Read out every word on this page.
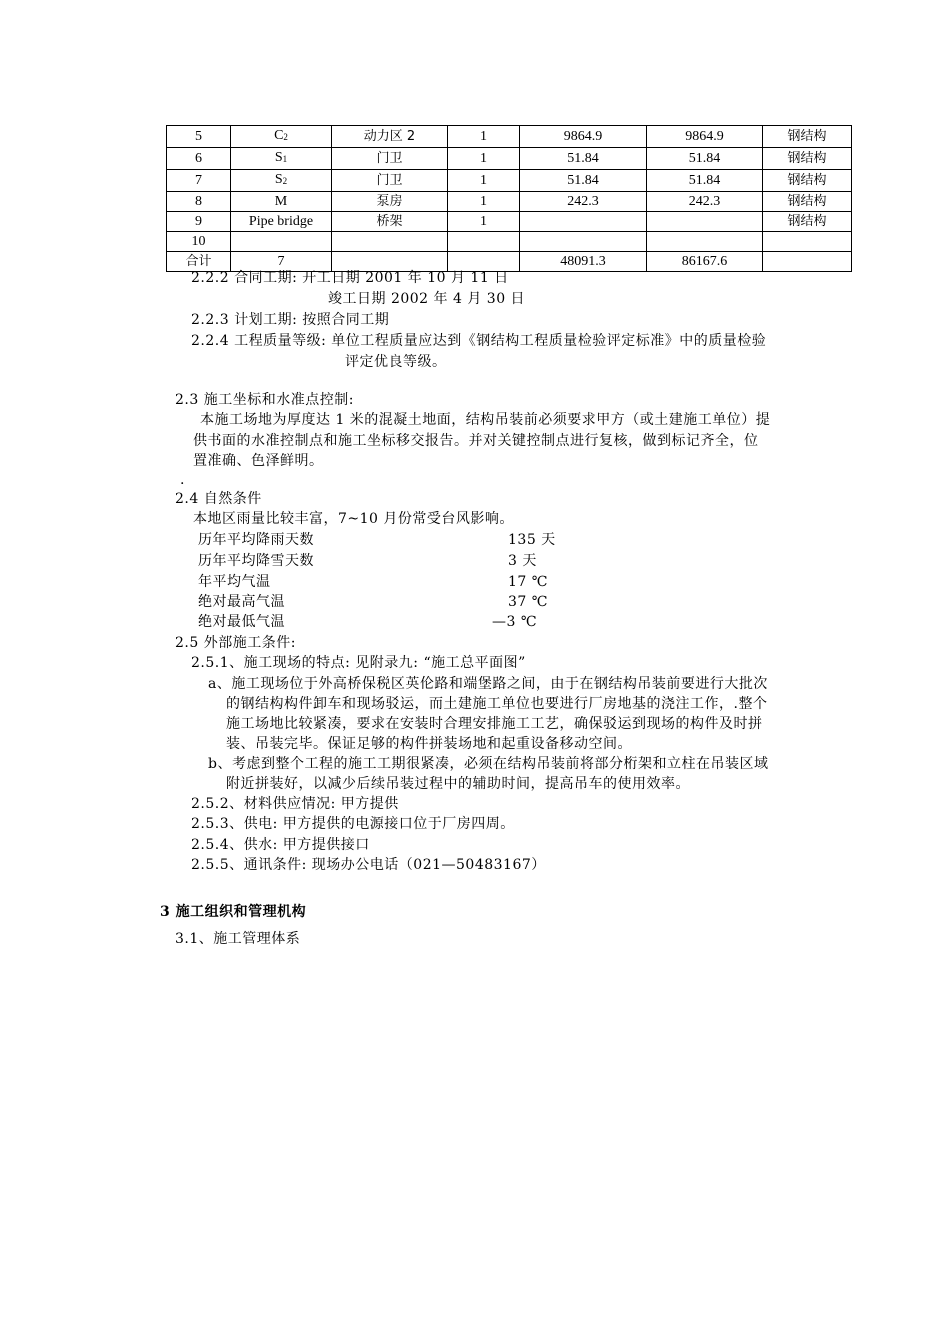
5	$C_2$	动力区 2	1	9864.9	9864.9	钢结构
6	$S_1$	门卫	1	51.84	51.84	钢结构
7	$S_2$	门卫	1	51.84	51.84	钢结构
8	M	泵房	1	242.3	242.3	钢结构
9	Pipe bridge	桥架	1			钢结构
10						
合计	7			48091.3	86167.6	
2.2.2 合同工期: 开工日期 2001 年 10 月 11 日
竣工日期 2002 年 4 月 30 日
2.2.3 计划工期: 按照合同工期
2.2.4 工程质量等级: 单位工程质量应达到《钢结构工程质量检验评定标准》中的质量检验
评定优良等级。
2.3 施工坐标和水准点控制:
本施工场地为厚度达 1 米的混凝土地面，结构吊装前必须要求甲方（或土建施工单位）提
供书面的水准控制点和施工坐标移交报告。并对关键控制点进行复核，做到标记齐全，位
置准确、色泽鲜明。
.
2.4 自然条件
本地区雨量比较丰富，7~10 月份常受台风影响。
历年平均降雨天数	135 天
历年平均降雪天数	3 天
年平均气温	17 ℃
绝对最高气温	37 ℃
绝对最低气温	—3 ℃
2.5 外部施工条件:
2.5.1、施工现场的特点: 见附录九: “施工总平面图”
a、施工现场位于外高桥保税区英伦路和端堡路之间，由于在钢结构吊装前要进行大批次
的钢结构构件卸车和现场驳运，而土建施工单位也要进行厂房地基的浇注工作，.整个
施工场地比较紧凑，要求在安装时合理安排施工工艺，确保驳运到现场的构件及时拼
装、吊装完毕。保证足够的构件拼装场地和起重设备移动空间。
b、考虑到整个工程的施工工期很紧凑，必须在结构吊装前将部分桁架和立柱在吊装区域
附近拼装好，以减少后续吊装过程中的辅助时间，提高吊车的使用效率。
2.5.2、材料供应情况: 甲方提供
2.5.3、供电: 甲方提供的电源接口位于厂房四周。
2.5.4、供水: 甲方提供接口
2.5.5、通讯条件: 现场办公电话（021—50483167）
3 施工组织和管理机构
3.1、施工管理体系
